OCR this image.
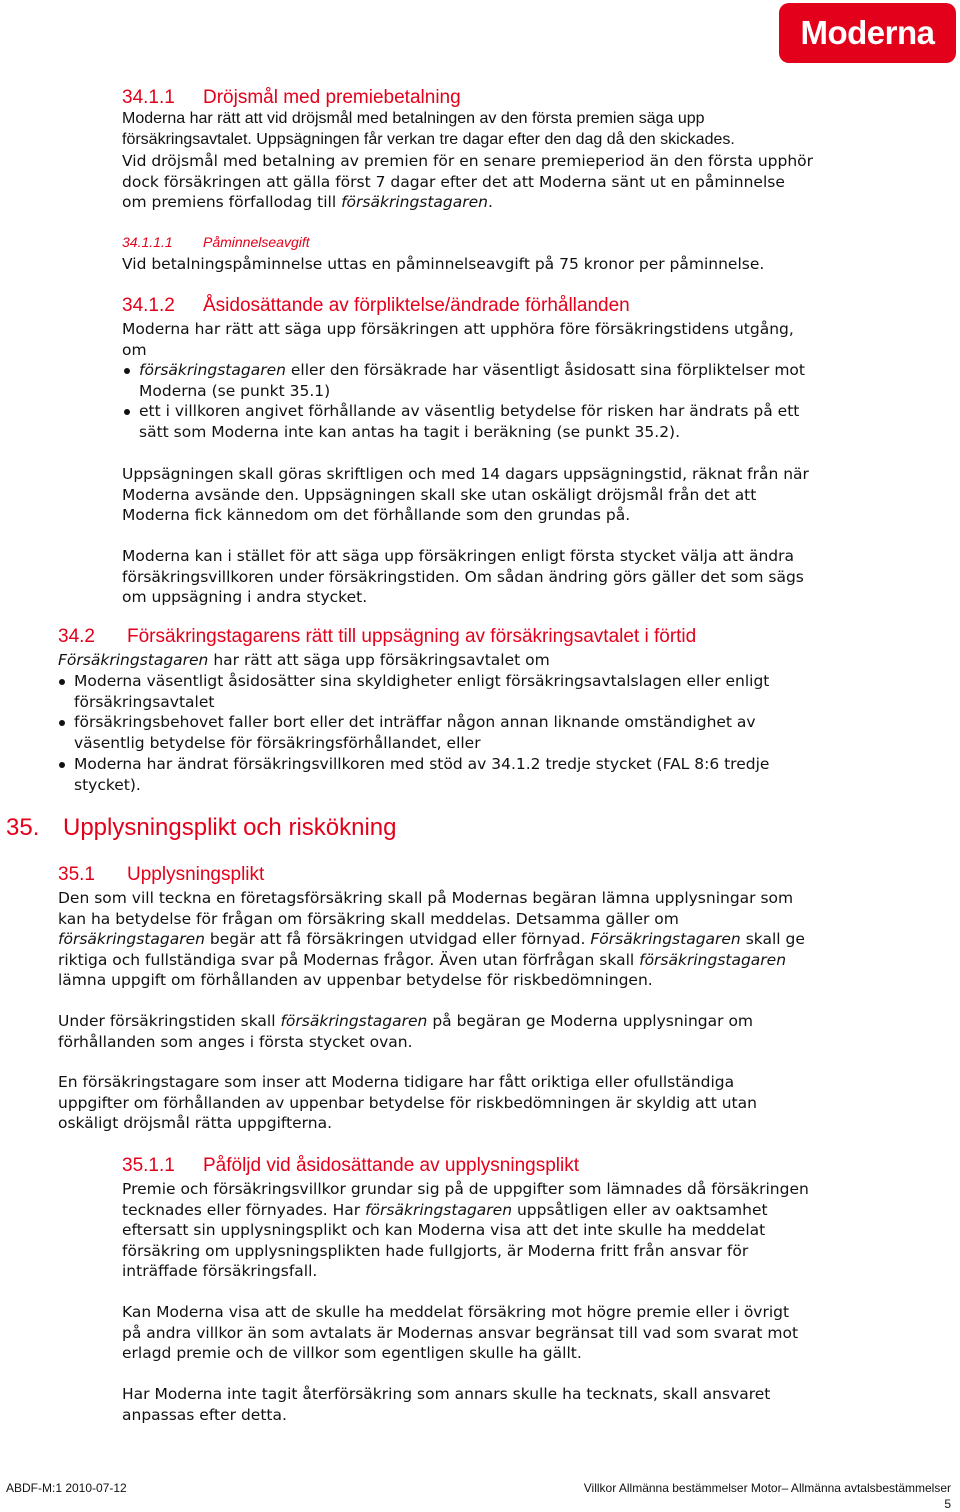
Moderna
34.1.1 Dröjsmål med premiebetalning
Moderna har rätt att vid dröjsmål med betalningen av den första premien säga upp
försäkringsavtalet. Uppsägningen får verkan tre dagar efter den dag då den skickades.
Vid dröjsmål med betalning av premien för en senare premieperiod än den första upphör
dock försäkringen att gälla först 7 dagar efter det att Moderna sänt ut en påminnelse
om premiens förfallodag till försäkringstagaren.
34.1.1.1 Påminnelseavgift
Vid betalningspåminnelse uttas en påminnelseavgift på 75 kronor per påminnelse.
34.1.2 Åsidosättande av förpliktelse/ändrade förhållanden
Moderna har rätt att säga upp försäkringen att upphöra före försäkringstidens utgång,
om
försäkringstagaren eller den försäkrade har väsentligt åsidosatt sina förpliktelser mot
Moderna (se punkt 35.1)
ett i villkoren angivet förhållande av väsentlig betydelse för risken har ändrats på ett
sätt som Moderna inte kan antas ha tagit i beräkning (se punkt 35.2).
Uppsägningen skall göras skriftligen och med 14 dagars uppsägningstid, räknat från när
Moderna avsände den. Uppsägningen skall ske utan oskäligt dröjsmål från det att
Moderna fick kännedom om det förhållande som den grundas på.
Moderna kan i stället för att säga upp försäkringen enligt första stycket välja att ändra
försäkringsvillkoren under försäkringstiden. Om sådan ändring görs gäller det som sägs
om uppsägning i andra stycket.
34.2 Försäkringstagarens rätt till uppsägning av försäkringsavtalet i förtid
Försäkringstagaren har rätt att säga upp försäkringsavtalet om
Moderna väsentligt åsidosätter sina skyldigheter enligt försäkringsavtalslagen eller enligt
försäkringsavtalet
försäkringsbehovet faller bort eller det inträffar någon annan liknande omständighet av
väsentlig betydelse för försäkringsförhållandet, eller
Moderna har ändrat försäkringsvillkoren med stöd av 34.1.2 tredje stycket (FAL 8:6 tredje
stycket).
35. Upplysningsplikt och riskökning
35.1 Upplysningsplikt
Den som vill teckna en företagsförsäkring skall på Modernas begäran lämna upplysningar som
kan ha betydelse för frågan om försäkring skall meddelas. Detsamma gäller om
försäkringstagaren begär att få försäkringen utvidgad eller förnyad. Försäkringstagaren skall ge
riktiga och fullständiga svar på Modernas frågor. Även utan förfrågan skall försäkringstagaren
lämna uppgift om förhållanden av uppenbar betydelse för riskbedömningen.
Under försäkringstiden skall försäkringstagaren på begäran ge Moderna upplysningar om
förhållanden som anges i första stycket ovan.
En försäkringstagare som inser att Moderna tidigare har fått oriktiga eller ofullständiga
uppgifter om förhållanden av uppenbar betydelse för riskbedömningen är skyldig att utan
oskäligt dröjsmål rätta uppgifterna.
35.1.1 Påföljd vid åsidosättande av upplysningsplikt
Premie och försäkringsvillkor grundar sig på de uppgifter som lämnades då försäkringen
tecknades eller förnyades. Har försäkringstagaren uppsåtligen eller av oaktsamhet
eftersatt sin upplysningsplikt och kan Moderna visa att det inte skulle ha meddelat
försäkring om upplysningsplikten hade fullgjorts, är Moderna fritt från ansvar för
inträffade försäkringsfall.
Kan Moderna visa att de skulle ha meddelat försäkring mot högre premie eller i övrigt
på andra villkor än som avtalats är Modernas ansvar begränsat till vad som svarat mot
erlagd premie och de villkor som egentligen skulle ha gällt.
Har Moderna inte tagit återförsäkring som annars skulle ha tecknats, skall ansvaret
anpassas efter detta.
ABDF-M:1 2010-07-12	Villkor Allmänna bestämmelser Motor– Allmänna avtalsbestämmelser
5
